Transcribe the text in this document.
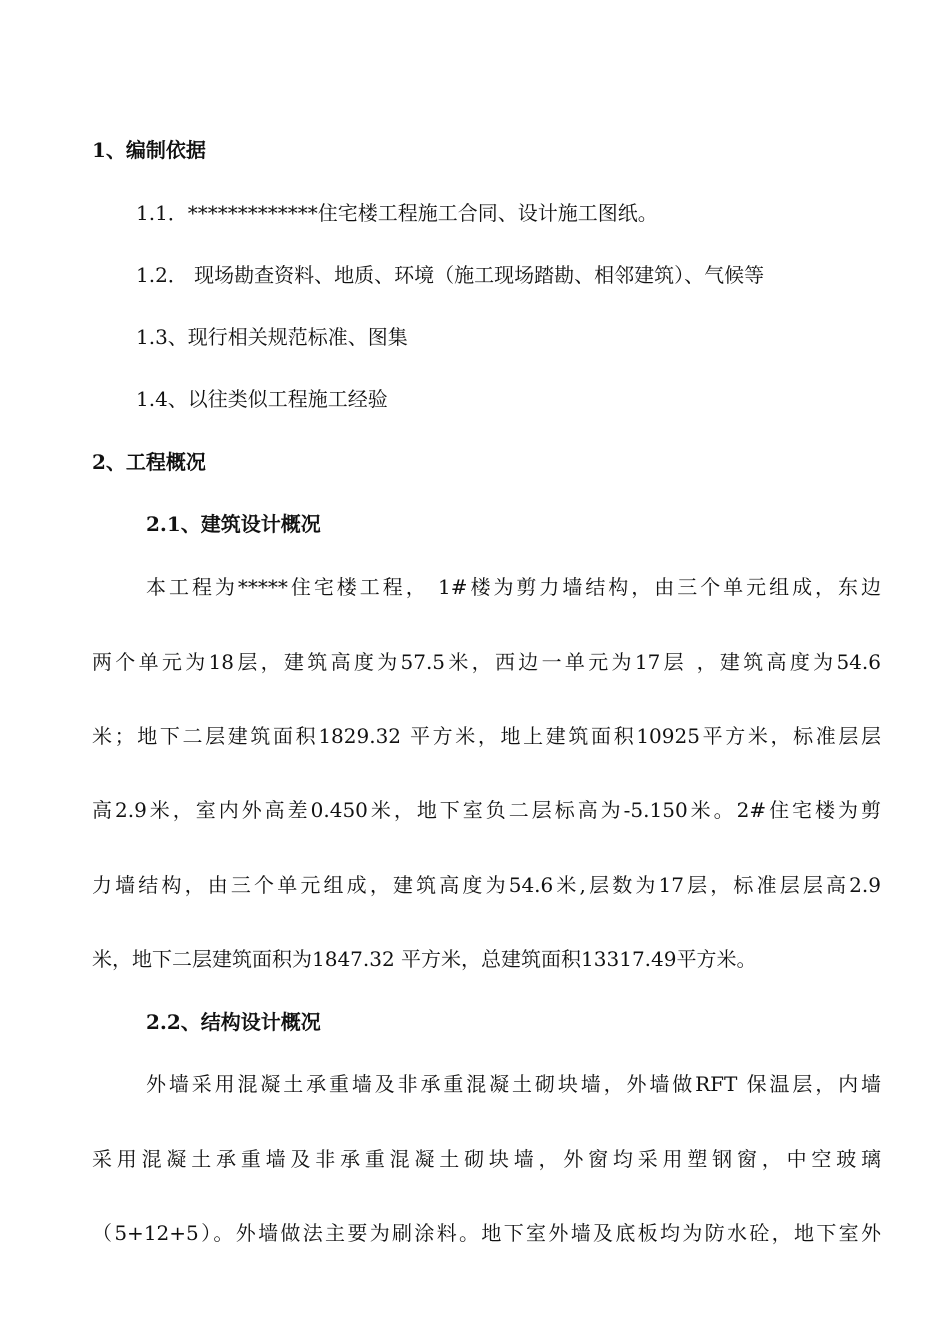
1、编制依据

1.1．*************住宅楼工程施工合同、设计施工图纸。

1.2． 现场勘查资料、地质、环境（施工现场踏勘、相邻建筑）、气候等

1.3、现行相关规范标准、图集

1.4、以往类似工程施工经验

2、工程概况

2.1、建筑设计概况

本工程为*****住宅楼工程， 1#楼为剪力墙结构，由三个单元组成，东边

两个单元为18层，建筑高度为57.5米，西边一单元为17层 ，建筑高度为54.6

米；地下二层建筑面积1829.32 平方米，地上建筑面积10925平方米，标准层层

高2.9米，室内外高差0.450米，地下室负二层标高为-5.150米。2#住宅楼为剪

力墙结构，由三个单元组成，建筑高度为54.6米,层数为17层，标准层层高2.9

米，地下二层建筑面积为1847.32 平方米，总建筑面积13317.49平方米。

2.2、结构设计概况

外墙采用混凝土承重墙及非承重混凝土砌块墙，外墙做RFT 保温层，内墙

采用混凝土承重墙及非承重混凝土砌块墙，外窗均采用塑钢窗，中空玻璃

（5+12+5）。外墙做法主要为刷涂料。地下室外墙及底板均为防水砼，地下室外
